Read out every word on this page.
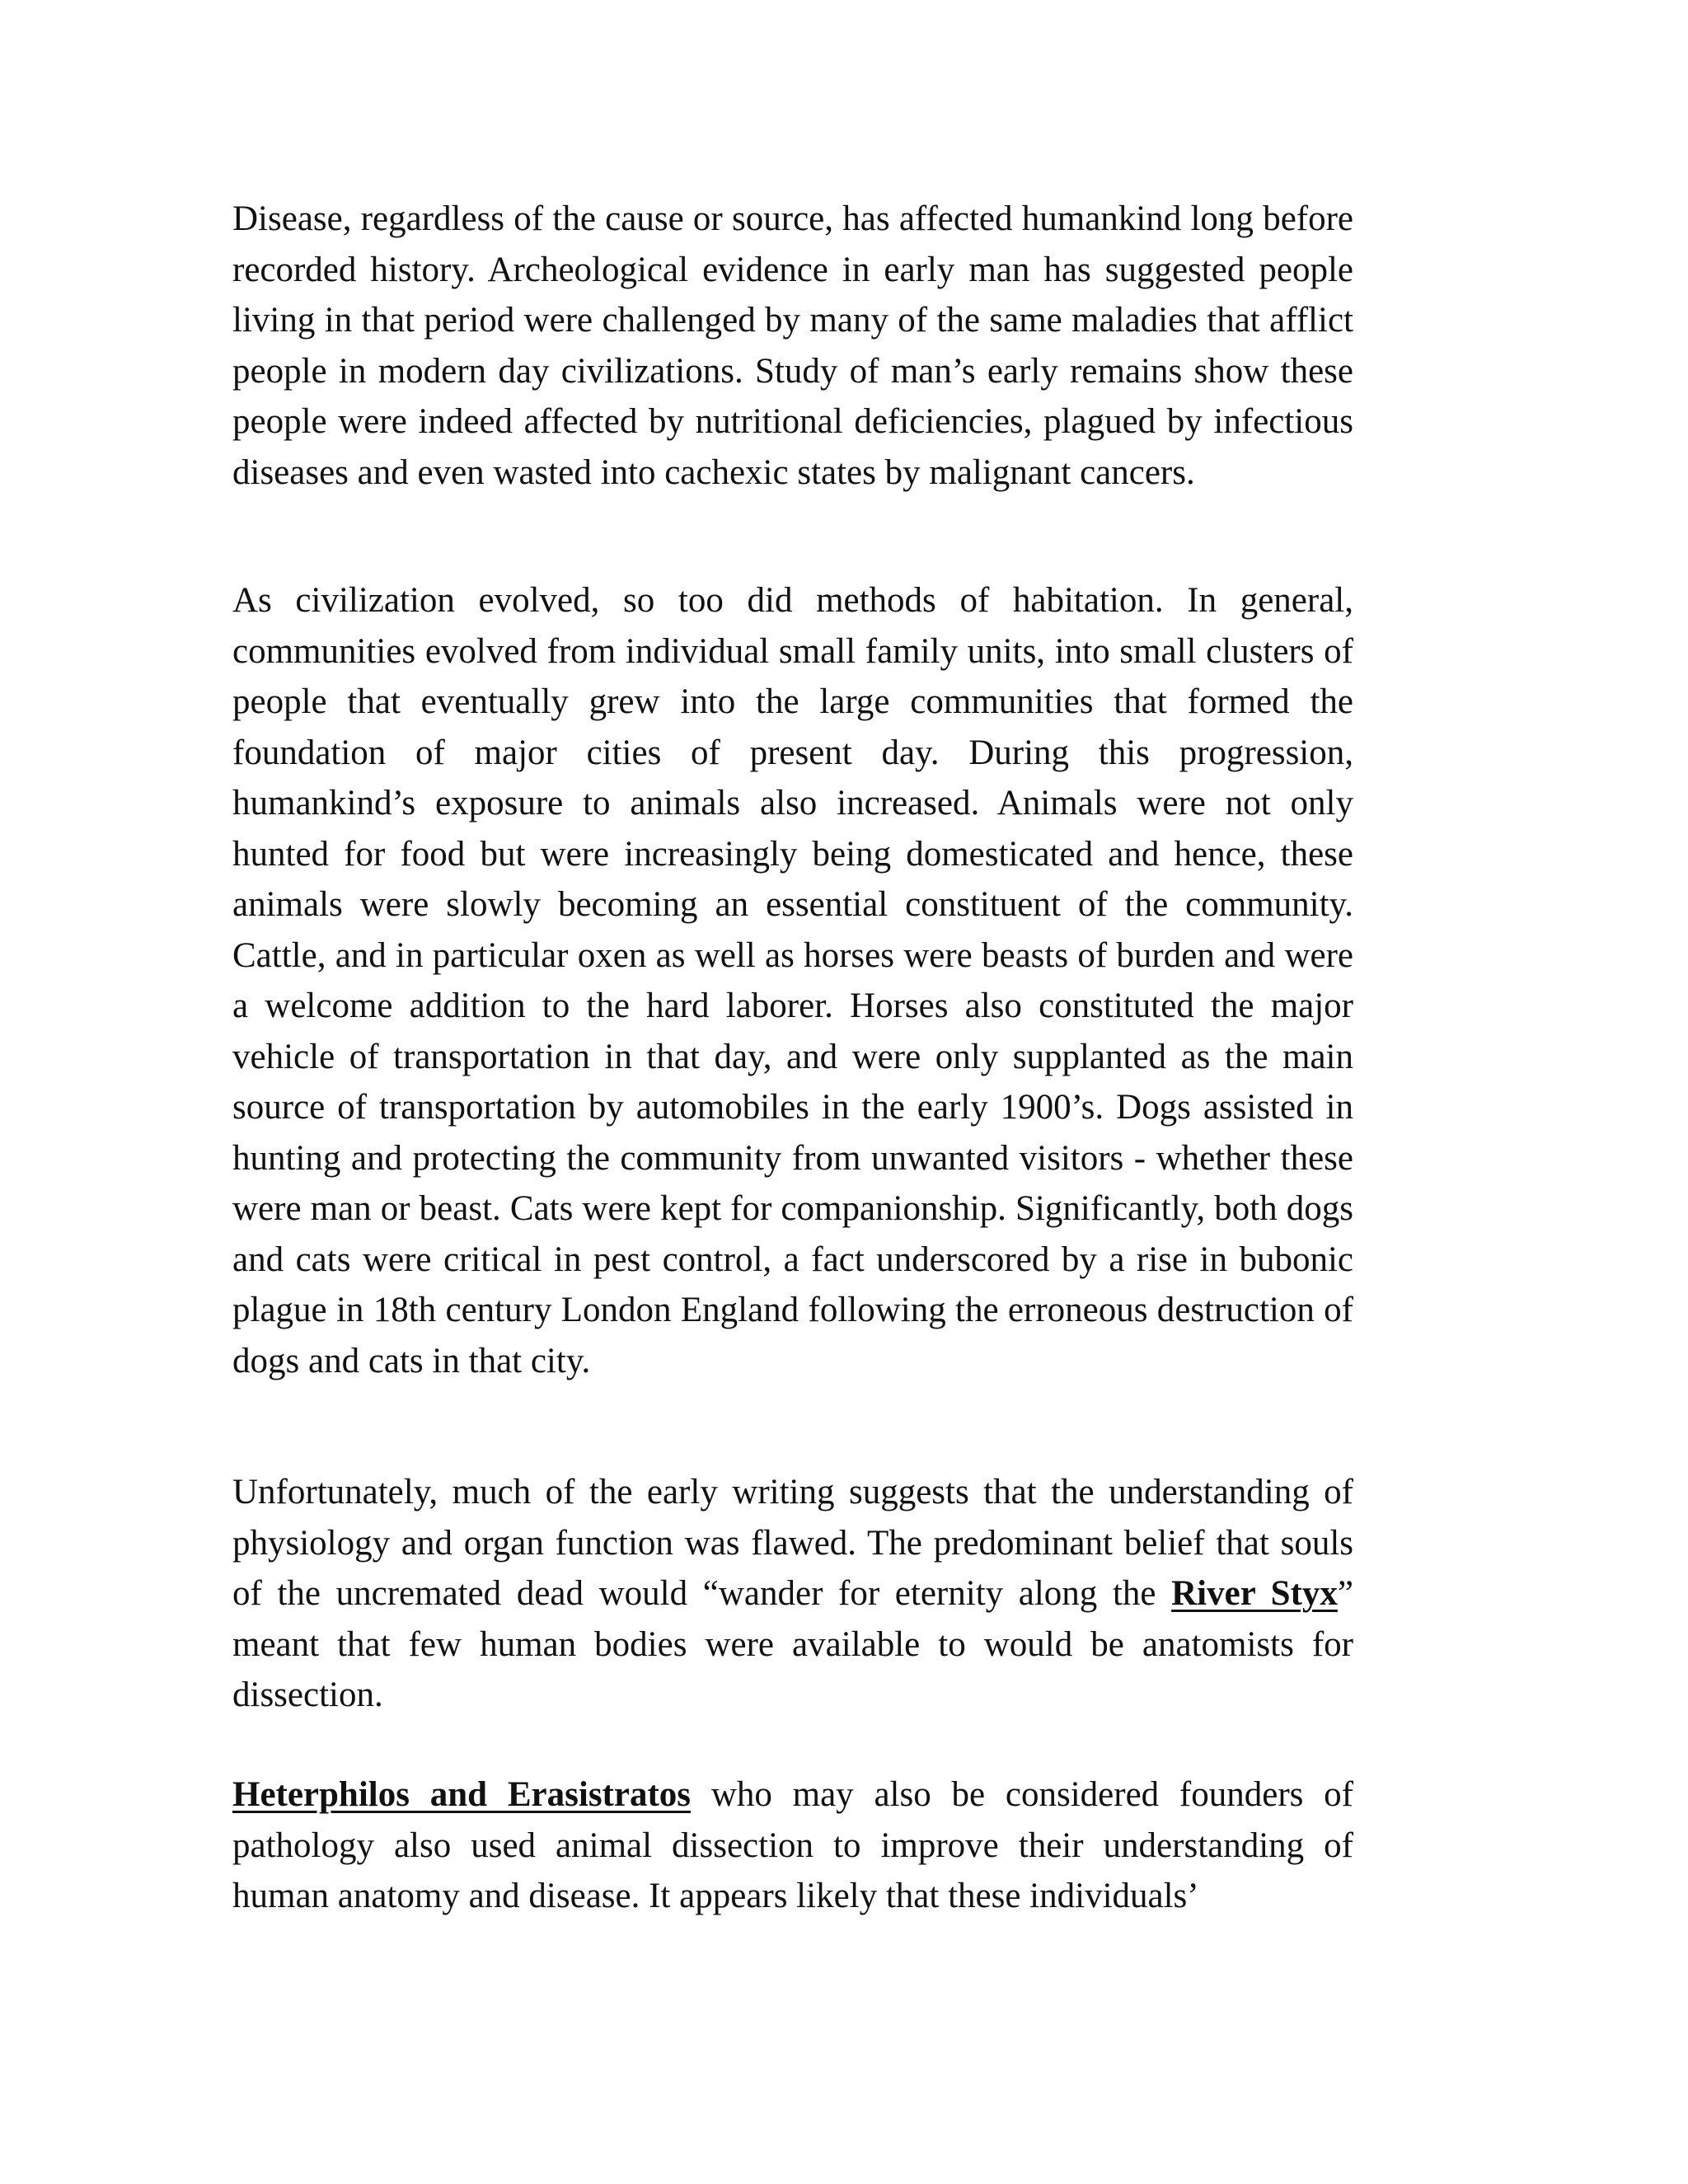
Disease, regardless of the cause or source, has affected humankind long before recorded history. Archeological evidence in early man has suggested people living in that period were challenged by many of the same maladies that afflict people in modern day civilizations. Study of man’s early remains show these people were indeed affected by nutritional deficiencies, plagued by infectious diseases and even wasted into cachexic states by malignant cancers.

As civilization evolved, so too did methods of habitation. In general, communities evolved from individual small family units, into small clusters of people that eventually grew into the large communities that formed the foundation of major cities of present day. During this progression, humankind’s exposure to animals also increased. Animals were not only hunted for food but were increasingly being domesticated and hence, these animals were slowly becoming an essential constituent of the community. Cattle, and in particular oxen as well as horses were beasts of burden and were a welcome addition to the hard laborer. Horses also constituted the major vehicle of transportation in that day, and were only supplanted as the main source of transportation by automobiles in the early 1900’s. Dogs assisted in hunting and protecting the community from unwanted visitors - whether these were man or beast. Cats were kept for companionship. Significantly, both dogs and cats were critical in pest control, a fact underscored by a rise in bubonic plague in 18th century London England following the erroneous destruction of dogs and cats in that city.

Unfortunately, much of the early writing suggests that the understanding of physiology and organ function was flawed. The predominant belief that souls of the uncremated dead would “wander for eternity along the River Styx” meant that few human bodies were available to would be anatomists for dissection.

Heterphilos and Erasistratos who may also be considered founders of pathology also used animal dissection to improve their understanding of human anatomy and disease. It appears likely that these individuals’
